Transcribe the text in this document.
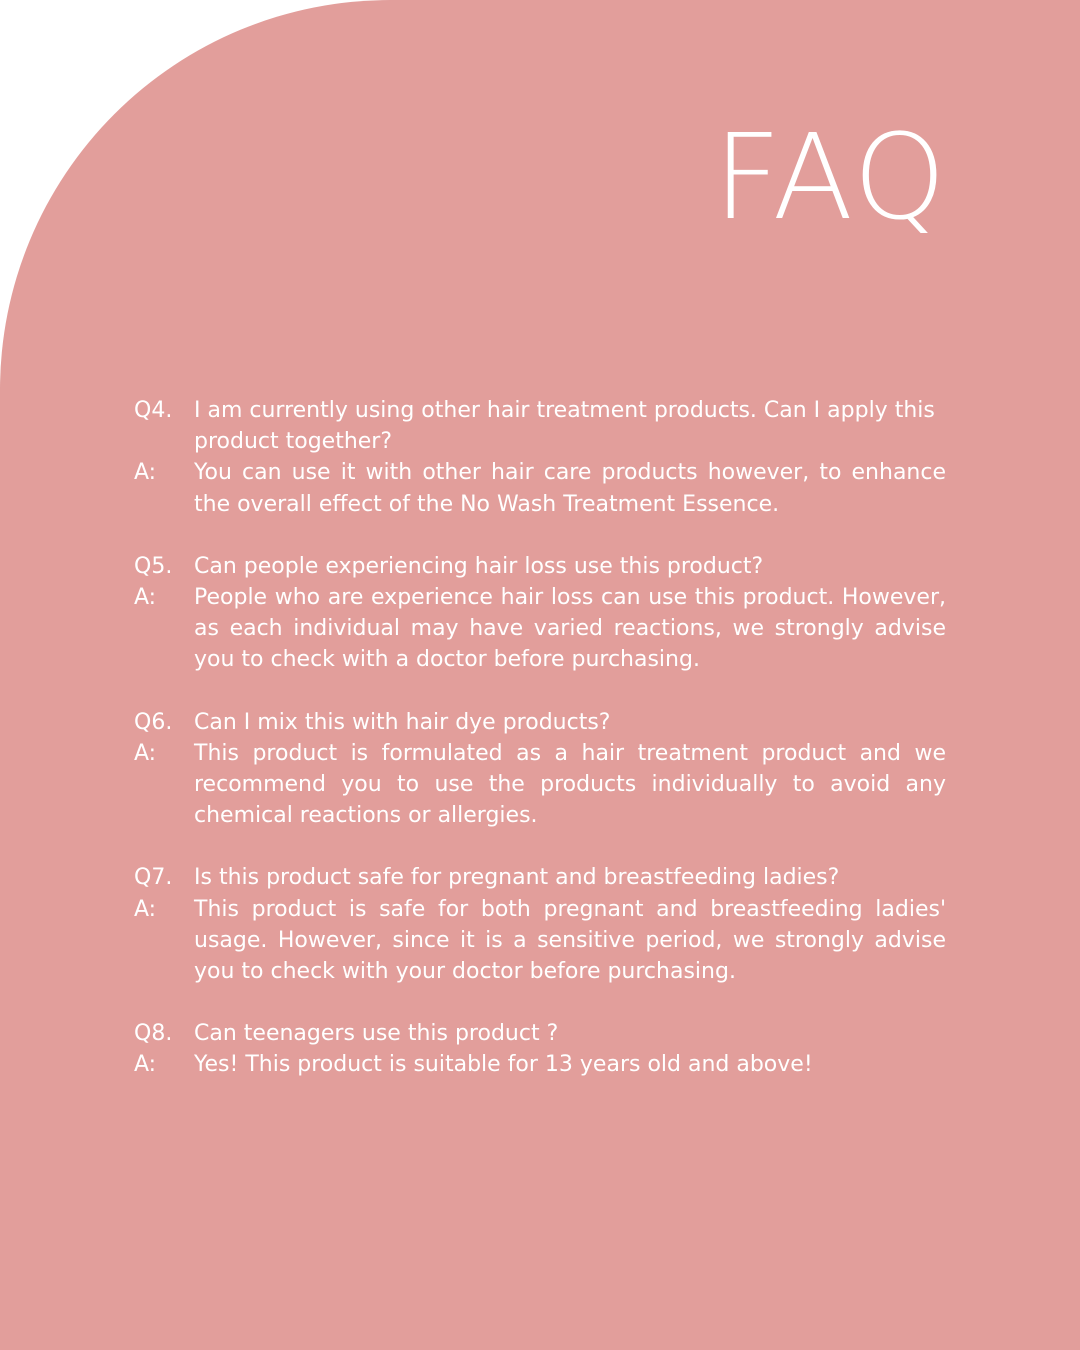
FAQ
Q4. I am currently using other hair treatment products. Can I apply this product together?
A:	You can use it with other hair care products however, to enhance the overall effect of the No Wash Treatment Essence.
Q5. Can people experiencing hair loss use this product?
A:	People who are experience hair loss can use this product. However, as each individual may have varied reactions, we strongly advise you to check with a doctor before purchasing.
Q6. Can I mix this with hair dye products?
A:	This product is formulated as a hair treatment product and we recommend you to use the products individually to avoid any chemical reactions or allergies.
Q7. Is this product safe for pregnant and breastfeeding ladies?
A:	This product is safe for both pregnant and breastfeeding ladies' usage. However, since it is a sensitive period, we strongly advise you to check with your doctor before purchasing.
Q8. Can teenagers use this product ?
A:	Yes! This product is suitable for 13 years old and above!
